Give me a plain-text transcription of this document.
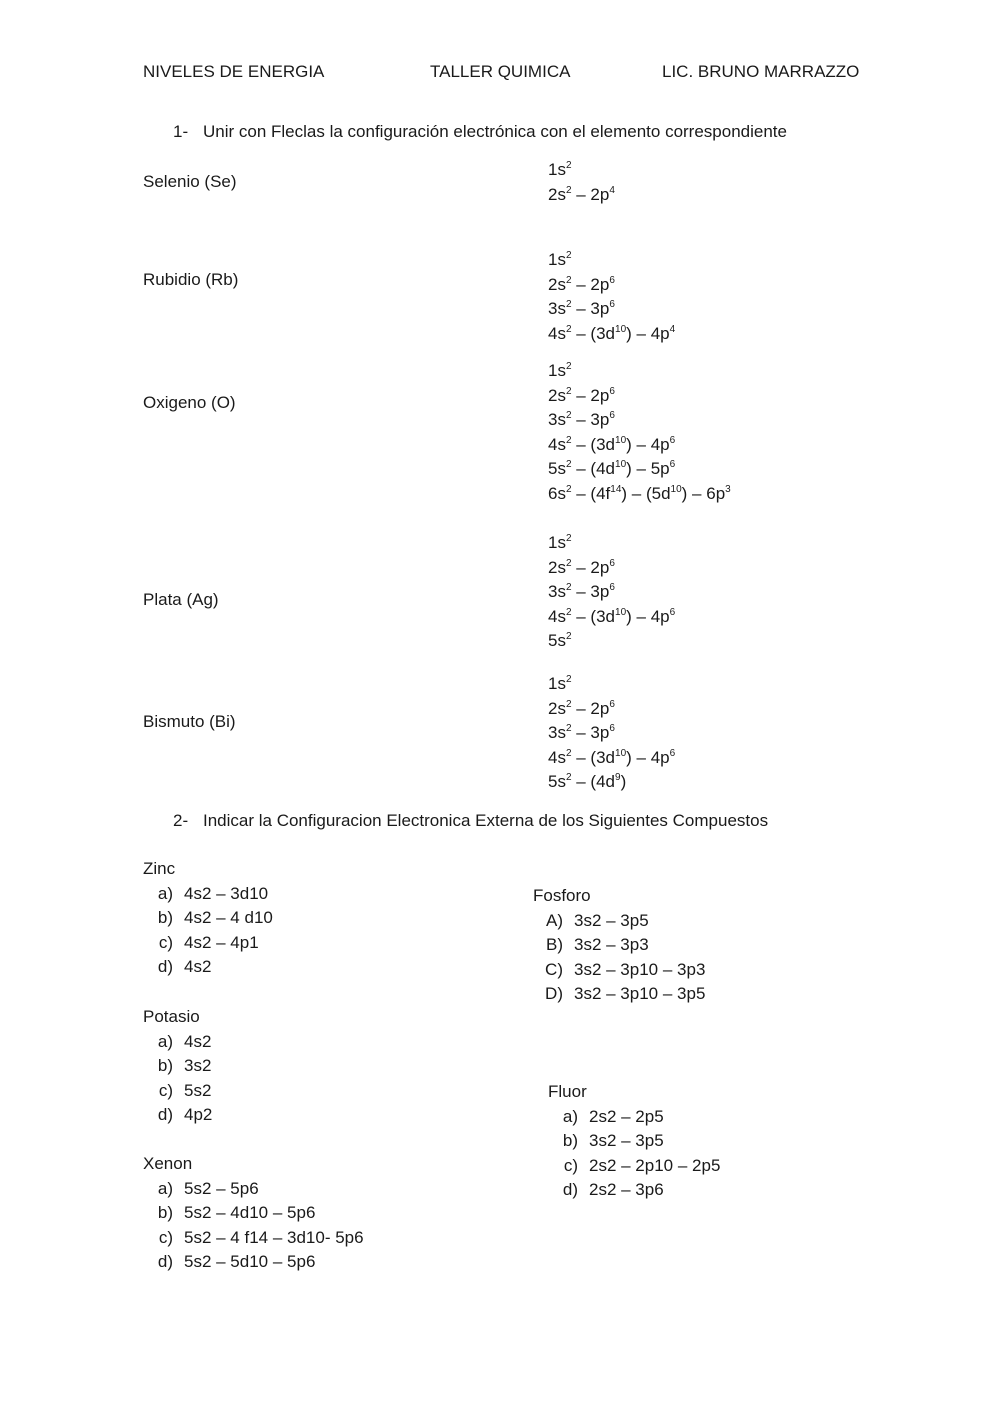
NIVELES DE ENERGIA	TALLER QUIMICA	LIC. BRUNO MARRAZZO
1- Unir con Fleclas la configuración electrónica con el elemento correspondiente
Selenio (Se)
Rubidio (Rb)
Oxigeno (O)
Plata (Ag)
Bismuto (Bi)
$1s^2$
$2s^2 - 2p^4$
$1s^2$
$2s^2 - 2p^6$
$3s^2 - 3p^6$
$4s^2 - (3d^{10}) - 4p^4$
$1s^2$
$2s^2 - 2p^6$
$3s^2 - 3p^6$
$4s^2 - (3d^{10}) - 4p^6$
$5s^2 - (4d^{10}) - 5p^6$
$6s^2 - (4f^{14}) - (5d^{10}) - 6p^3$
$1s^2$
$2s^2 - 2p^6$
$3s^2 - 3p^6$
$4s^2 - (3d^{10}) - 4p^6$
$5s^2$
$1s^2$
$2s^2 - 2p^6$
$3s^2 - 3p^6$
$4s^2 - (3d^{10}) - 4p^6$
$5s^2 - (4d^9)$
2- Indicar la Configuracion Electronica Externa de los Siguientes Compuestos
Zinc
a) 4s2 – 3d10
b) 4s2 – 4 d10
c) 4s2 – 4p1
d) 4s2
Potasio
a) 4s2
b) 3s2
c) 5s2
d) 4p2
Xenon
a) 5s2 – 5p6
b) 5s2 – 4d10 – 5p6
c) 5s2 – 4 f14 – 3d10- 5p6
d) 5s2 – 5d10 – 5p6
Fosforo
A) 3s2 – 3p5
B) 3s2 – 3p3
C) 3s2 – 3p10 – 3p3
D) 3s2 – 3p10 – 3p5
Fluor
a) 2s2 – 2p5
b) 3s2 – 3p5
c) 2s2 – 2p10 – 2p5
d) 2s2 – 3p6
